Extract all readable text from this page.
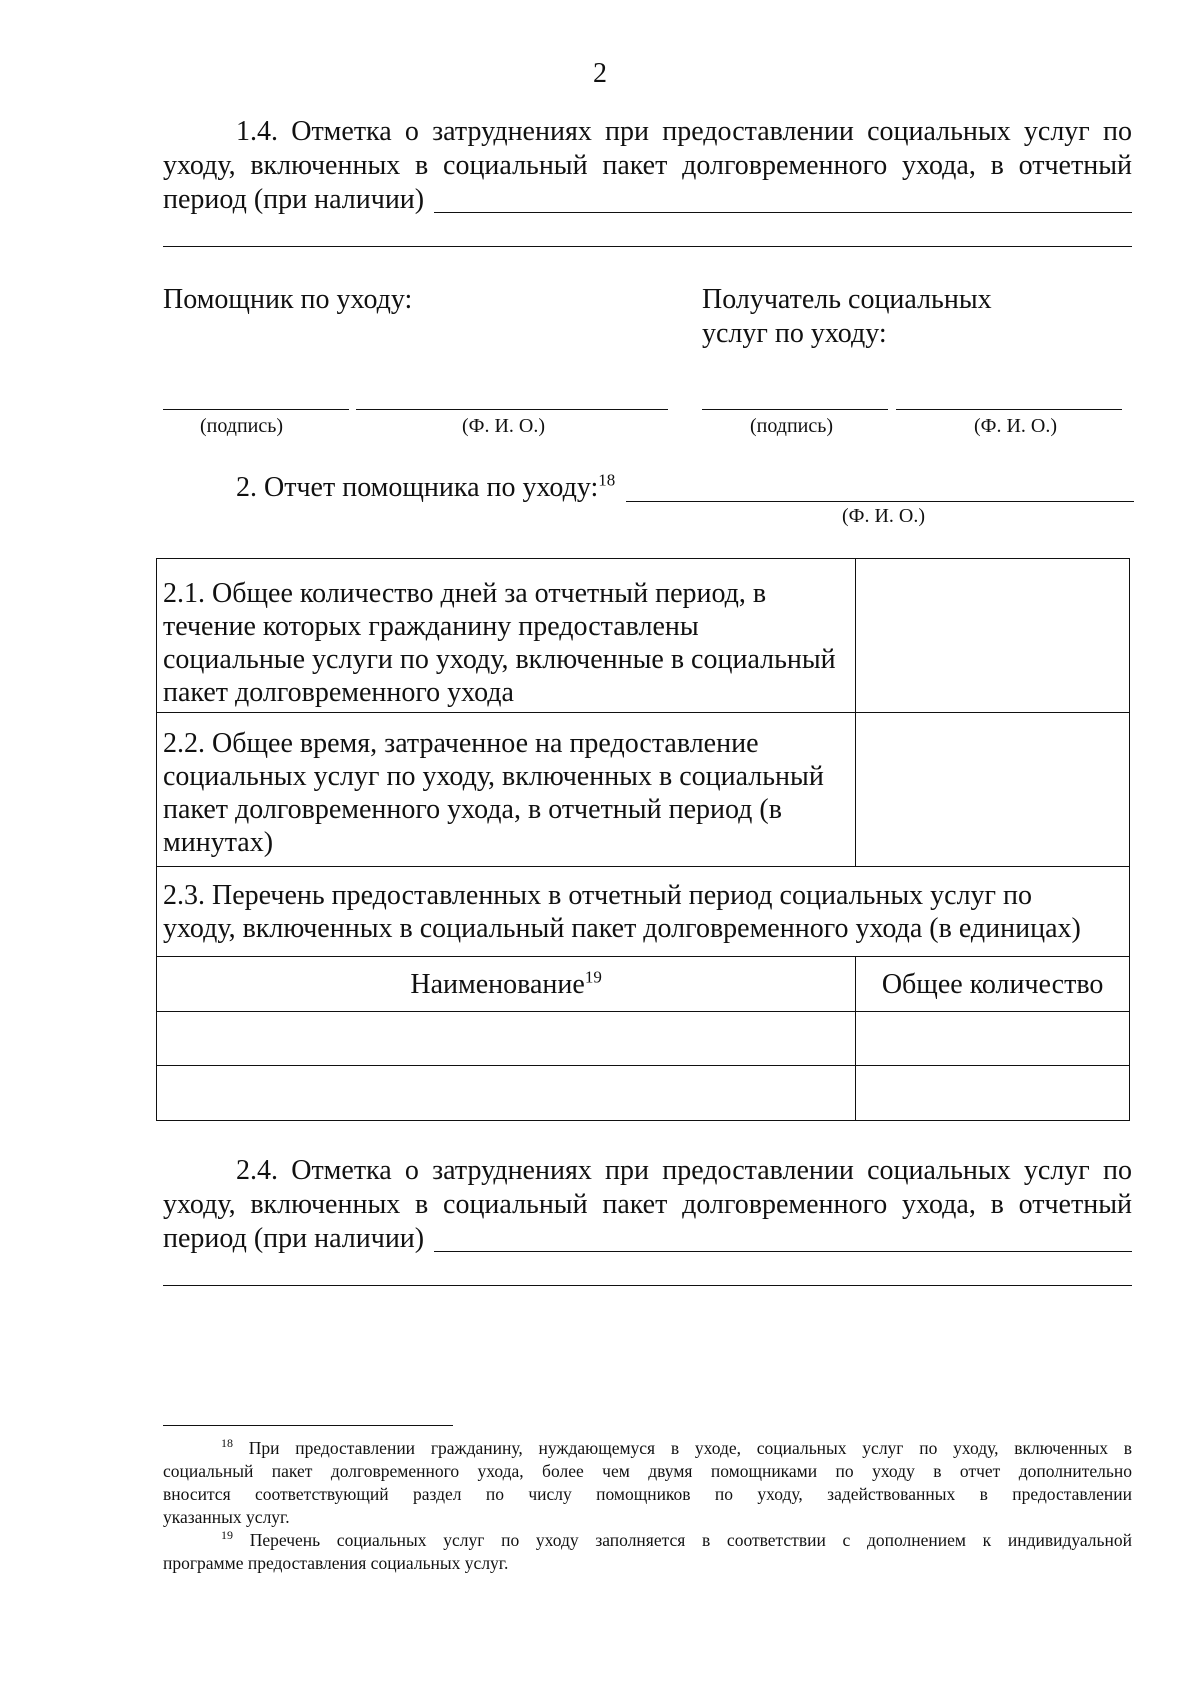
2
1.4. Отметка о затруднениях при предоставлении социальных услуг по
уходу, включенных в социальный пакет долговременного ухода, в отчетный
период (при наличии)
Помощник по уходу:	Получатель социальных
услуг по уходу:
(подпись)	(Ф. И. О.)	(подпись)	(Ф. И. О.)
2. Отчет помощника по уходу:$^{18}$
(Ф. И. О.)
2.1. Общее количество дней за отчетный период, в
течение которых гражданину предоставлены
социальные услуги по уходу, включенные в социальный
пакет долговременного ухода	

2.2. Общее время, затраченное на предоставление
социальных услуг по уходу, включенных в социальный
пакет долговременного ухода, в отчетный период (в
минутах)	

2.3. Перечень предоставленных в отчетный период социальных услуг по
уходу, включенных в социальный пакет долговременного ухода (в единицах)	

Наименование$^{19}$	Общее количество

2.4. Отметка о затруднениях при предоставлении социальных услуг по
уходу, включенных в социальный пакет долговременного ухода, в отчетный
период (при наличии)
$^{18}$ При предоставлении гражданину, нуждающемуся в уходе, социальных услуг по уходу, включенных в
социальный пакет долговременного ухода, более чем двумя помощниками по уходу в отчет дополнительно
вносится соответствующий раздел по числу помощников по уходу, задействованных в предоставлении
указанных услуг.
$^{19}$ Перечень социальных услуг по уходу заполняется в соответствии с дополнением к индивидуальной
программе предоставления социальных услуг.
